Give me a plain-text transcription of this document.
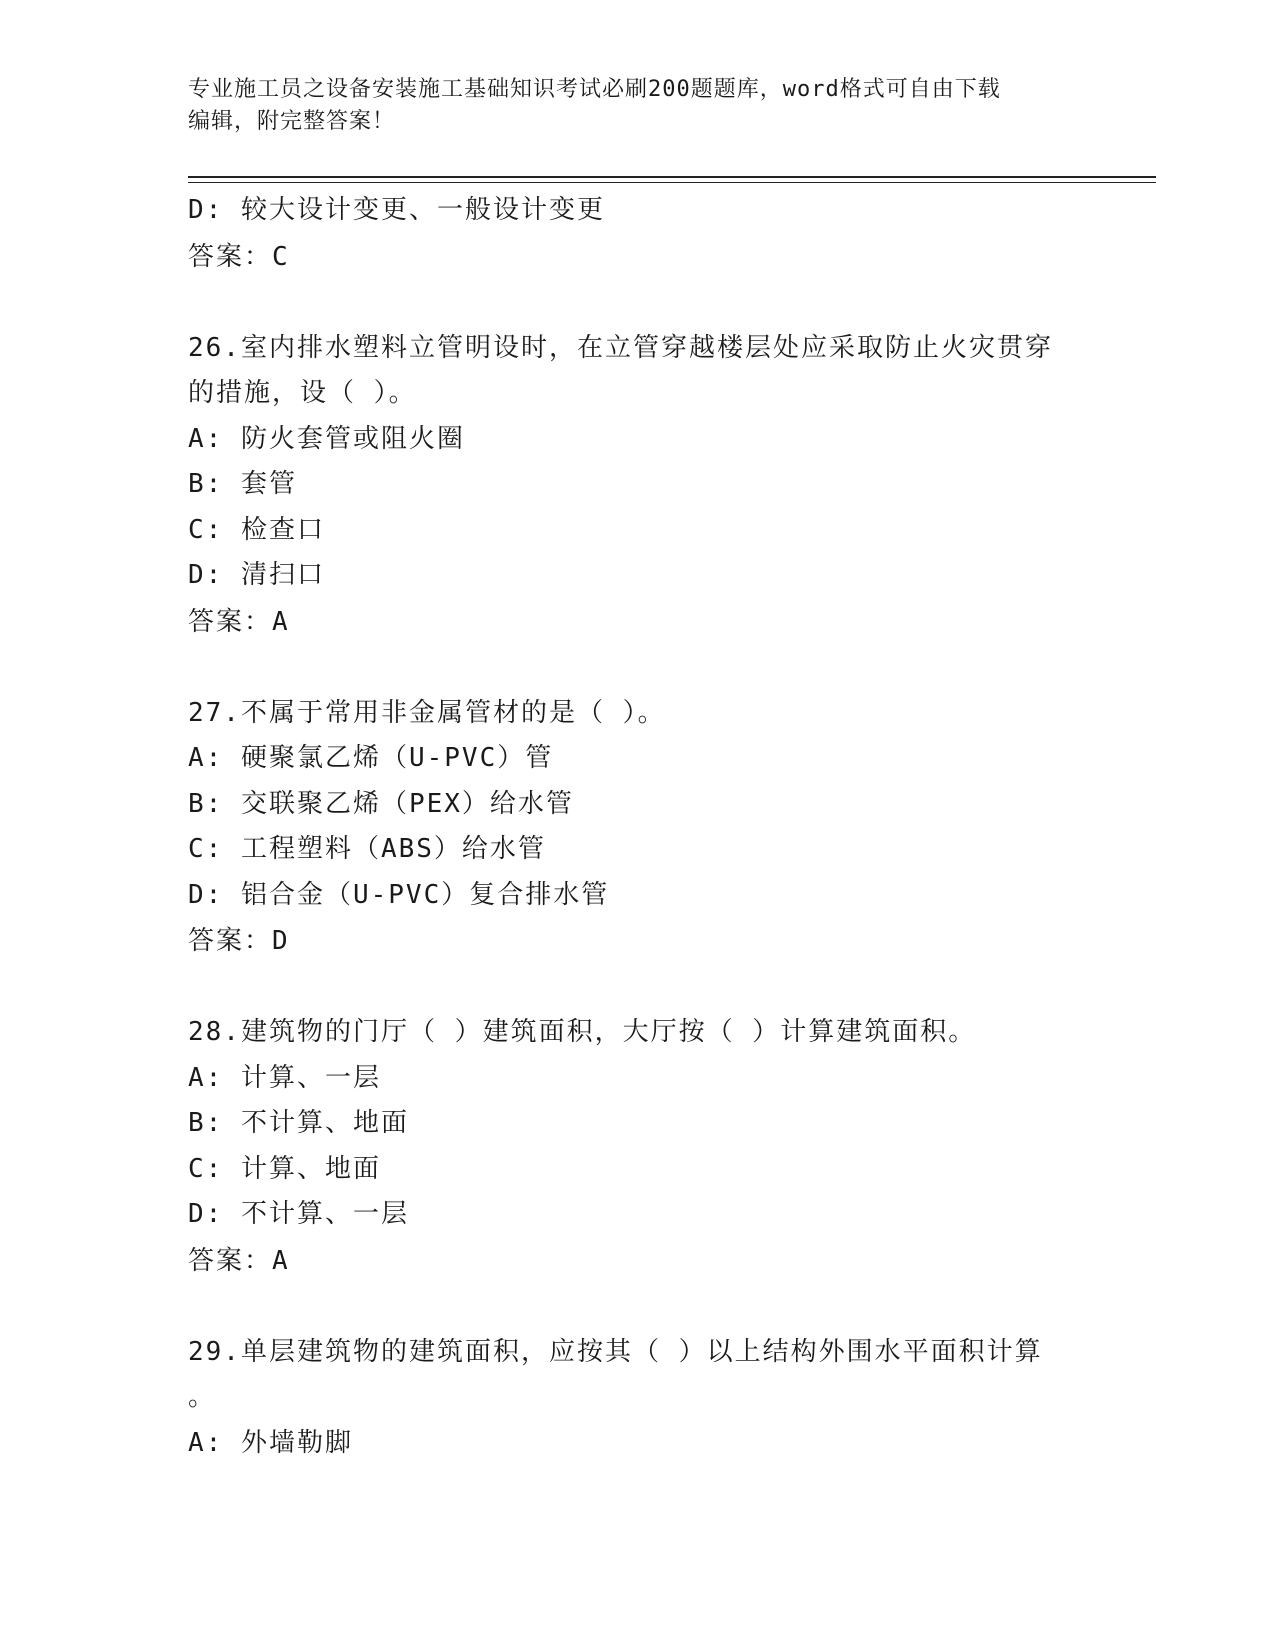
专业施工员之设备安装施工基础知识考试必刷200题题库，word格式可自由下载
编辑，附完整答案！
D: 较大设计变更、一般设计变更
答案：C
26.室内排水塑料立管明设时，在立管穿越楼层处应采取防止火灾贯穿
的措施，设（ ）。
A: 防火套管或阻火圈
B: 套管
C: 检查口
D: 清扫口
答案：A
27.不属于常用非金属管材的是（ ）。
A: 硬聚氯乙烯（U-PVC）管
B: 交联聚乙烯（PEX）给水管
C: 工程塑料（ABS）给水管
D: 铝合金（U-PVC）复合排水管
答案：D
28.建筑物的门厅（ ）建筑面积，大厅按（ ）计算建筑面积。
A: 计算、一层
B: 不计算、地面
C: 计算、地面
D: 不计算、一层
答案：A
29.单层建筑物的建筑面积，应按其（ ）以上结构外围水平面积计算
。
A: 外墙勒脚
